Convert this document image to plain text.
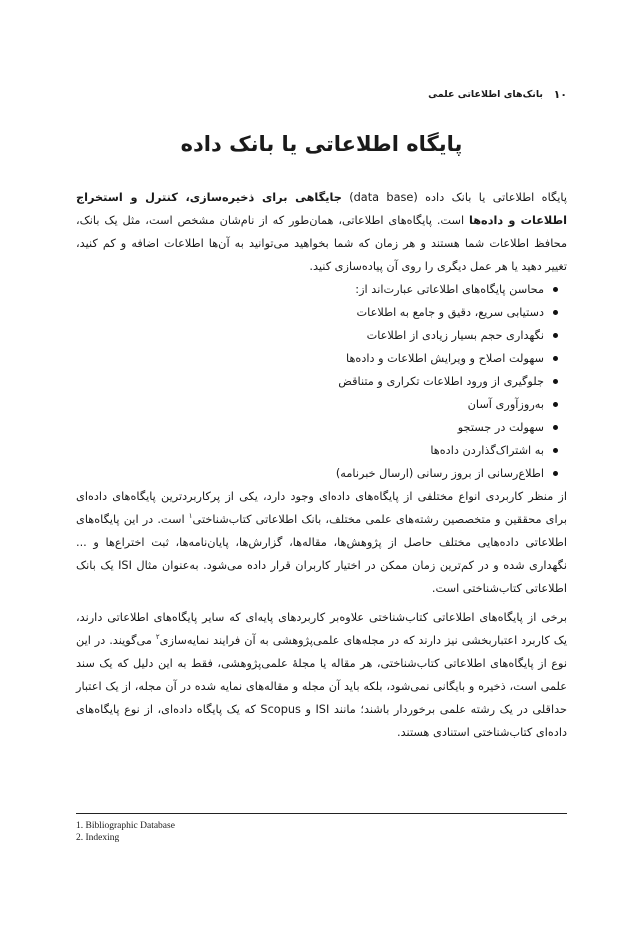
۱۰
بانک‌های اطلاعاتی علمی
پایگاه اطلاعاتی یا بانک داده

پایگاه اطلاعاتی یا بانک داده (data base) جایگاهی برای ذخیره‌سازی، کنترل و استخراج اطلاعات و داده‌ها است. پایگاه‌های اطلاعاتی، همان‌طور که از نام‌شان مشخص است، مثل یک بانک، محافظ اطلاعات شما هستند و هر زمان که شما بخواهید می‌توانید به آن‌ها اطلاعات اضافه و کم کنید، تغییر دهید یا هر عمل دیگری را روی آن پیاده‌سازی کنید.

محاسن پایگاه‌های اطلاعاتی عبارت‌اند از:
دستیابی سریع، دقیق و جامع به اطلاعات
نگهداری حجم بسیار زیادی از اطلاعات
سهولت اصلاح و ویرایش اطلاعات و داده‌ها
جلوگیری از ورود اطلاعات تکراری و متناقض
به‌روزآوری آسان
سهولت در جستجو
به اشتراک‌گذاردن داده‌ها
اطلاع‌رسانی از بروز رسانی (ارسال خبرنامه)

از منظر کاربردی انواع مختلفی از پایگاه‌های داده‌ای وجود دارد، یکی از پرکاربردترین پایگاه‌های داده‌ای برای محققین و متخصصین رشته‌های علمی مختلف، بانک اطلاعاتی کتاب‌شناختی$^۱$ است. در این پایگاه‌های اطلاعاتی داده‌هایی مختلف حاصل از پژوهش‌ها، مقاله‌ها، گزارش‌ها، پایان‌نامه‌ها، ثبت اختراع‌ها و ... نگهداری شده و در کم‌ترین زمان ممکن در اختیار کاربران قرار داده می‌شود. به‌عنوان مثال ISI یک بانک اطلاعاتی کتاب‌شناختی است.

برخی از پایگاه‌های اطلاعاتی کتاب‌شناختی علاوه‌بر کاربردهای پایه‌ای که سایر پایگاه‌های اطلاعاتی دارند، یک کاربرد اعتباربخشی نیز دارند که در مجله‌های علمی‌پژوهشی به آن فرایند نمایه‌سازی$^۲$ می‌گویند. در این نوع از پایگاه‌های اطلاعاتی کتاب‌شناختی، هر مقاله یا مجلهٔ علمی‌پژوهشی، فقط به این دلیل که یک سند علمی است، ذخیره و بایگانی نمی‌شود، بلکه باید آن مجله و مقاله‌های نمایه شده در آن مجله، از یک اعتبار حداقلی در یک رشته علمی برخوردار باشند؛ مانند ISI و Scopus که یک پایگاه داده‌ای، از نوع پایگاه‌های داده‌ای کتاب‌شناختی استنادی هستند.

1. Bibliographic Database
2. Indexing
